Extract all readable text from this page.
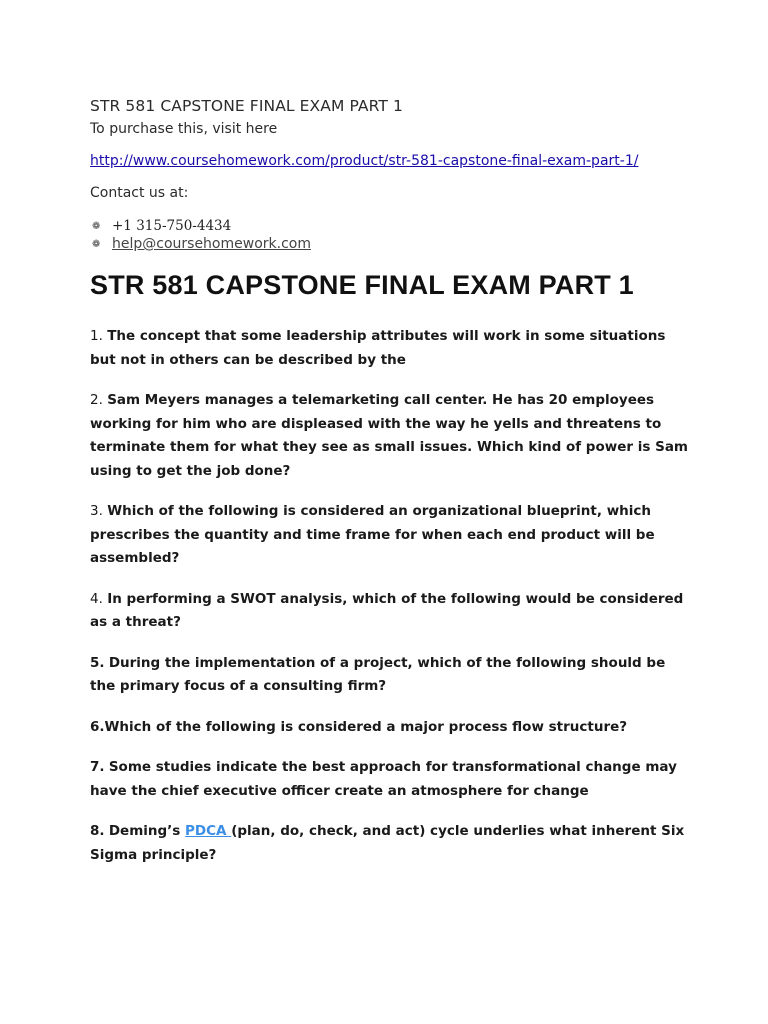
STR 581 CAPSTONE FINAL EXAM PART 1
To purchase this, visit here
http://www.coursehomework.com/product/str-581-capstone-final-exam-part-1/
Contact us at:
❁ +1 315-750-4434
❁ help@coursehomework.com
STR 581 CAPSTONE FINAL EXAM PART 1

1. The concept that some leadership attributes will work in some situations but not in others can be described by the

2. Sam Meyers manages a telemarketing call center. He has 20 employees working for him who are displeased with the way he yells and threatens to terminate them for what they see as small issues. Which kind of power is Sam using to get the job done?

3. Which of the following is considered an organizational blueprint, which prescribes the quantity and time frame for when each end product will be assembled?

4. In performing a SWOT analysis, which of the following would be considered as a threat?

5. During the implementation of a project, which of the following should be the primary focus of a consulting firm?

6.Which of the following is considered a major process flow structure?

7. Some studies indicate the best approach for transformational change may have the chief executive officer create an atmosphere for change

8. Deming’s PDCA (plan, do, check, and act) cycle underlies what inherent Six Sigma principle?
